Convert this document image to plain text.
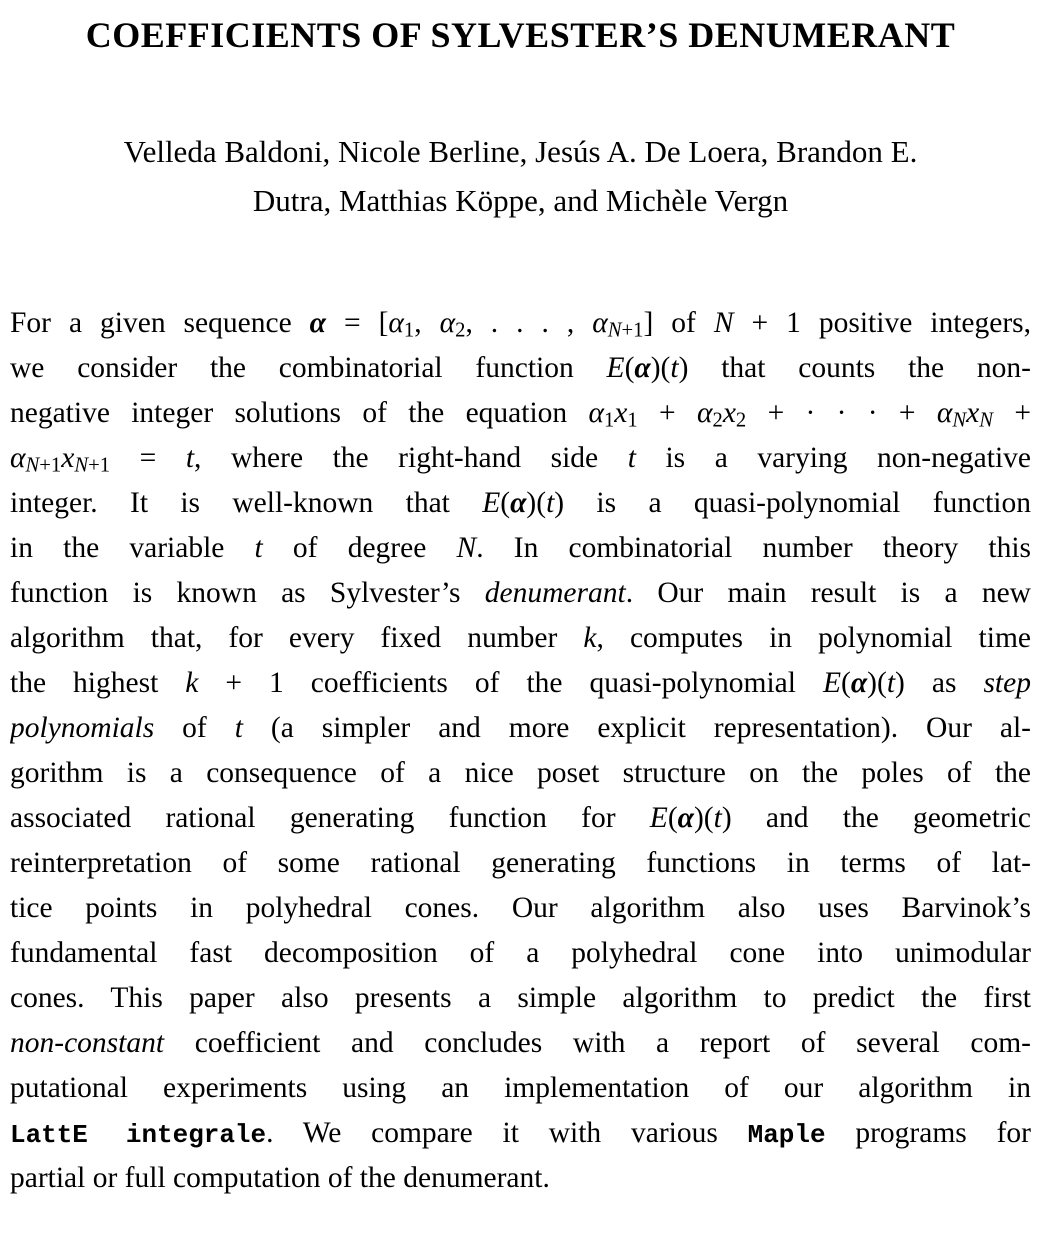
COEFFICIENTS OF SYLVESTER’S DENUMERANT
Velleda Baldoni, Nicole Berline, Jesús A. De Loera, Brandon E.
Dutra, Matthias Köppe, and Michèle Vergn
For a given sequence α = [α1, α2, . . . , αN+1] of N + 1 positive integers,
we consider the combinatorial function E(α)(t) that counts the non-
negative integer solutions of the equation α1x1 + α2x2 + · · · + αNxN +
αN+1xN+1 = t, where the right-hand side t is a varying non-negative
integer. It is well-known that E(α)(t) is a quasi-polynomial function
in the variable t of degree N. In combinatorial number theory this
function is known as Sylvester’s denumerant. Our main result is a new
algorithm that, for every fixed number k, computes in polynomial time
the highest k + 1 coefficients of the quasi-polynomial E(α)(t) as step
polynomials of t (a simpler and more explicit representation). Our al-
gorithm is a consequence of a nice poset structure on the poles of the
associated rational generating function for E(α)(t) and the geometric
reinterpretation of some rational generating functions in terms of lat-
tice points in polyhedral cones. Our algorithm also uses Barvinok’s
fundamental fast decomposition of a polyhedral cone into unimodular
cones. This paper also presents a simple algorithm to predict the first
non-constant coefficient and concludes with a report of several com-
putational experiments using an implementation of our algorithm in
LattE integrale. We compare it with various Maple programs for
partial or full computation of the denumerant.
